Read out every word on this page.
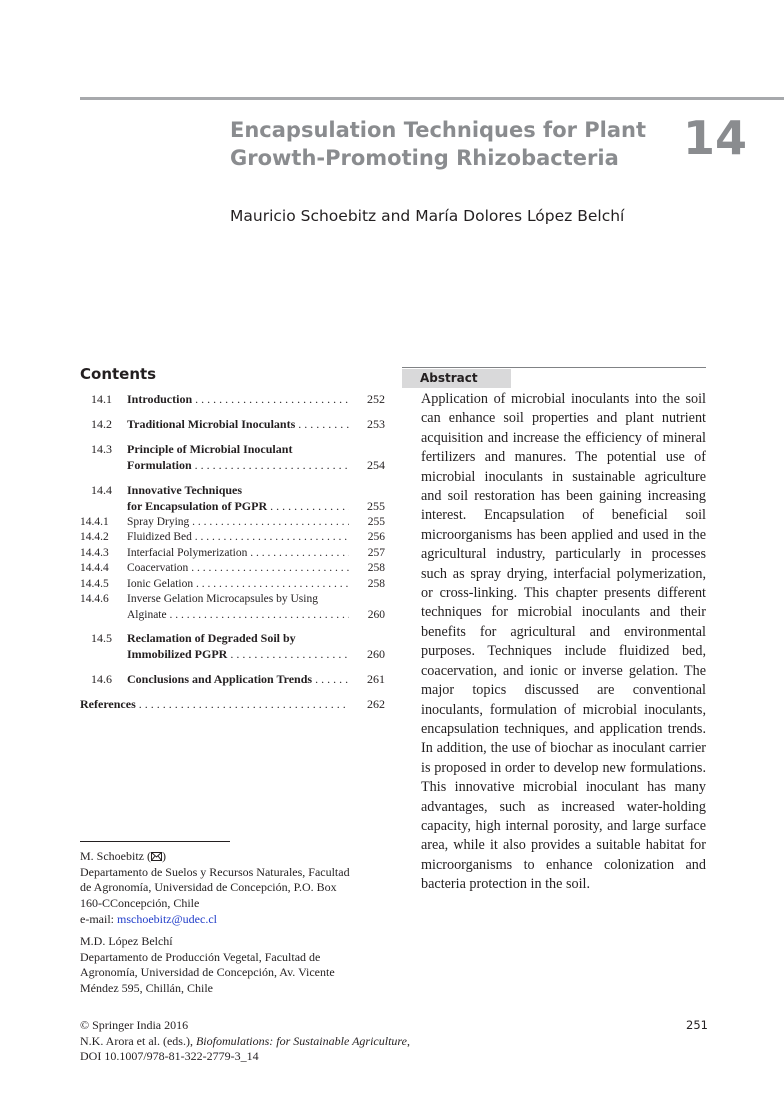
Encapsulation Techniques for Plant
Growth-Promoting Rhizobacteria	14
Mauricio Schoebitz and María Dolores López Belchí
Contents
14.1	Introduction . . .	252
14.2	Traditional Microbial Inoculants . . .	253
14.3	Principle of Microbial Inoculant
Formulation . . .	254
14.4	Innovative Techniques
for Encapsulation of PGPR . . .	255
14.4.1	Spray Drying . . .	255
14.4.2	Fluidized Bed . . .	256
14.4.3	Interfacial Polymerization . . .	257
14.4.4	Coacervation . . .	258
14.4.5	Ionic Gelation . . .	258
14.4.6	Inverse Gelation Microcapsules by Using
Alginate . . .	260
14.5	Reclamation of Degraded Soil by
Immobilized PGPR . . .	260
14.6	Conclusions and Application Trends . . .	261
References . . .	262
Abstract
Application of microbial inoculants into the soil can enhance soil properties and plant nutrient acquisition and increase the efficiency of mineral fertilizers and manures. The potential use of microbial inoculants in sustainable agriculture and soil restoration has been gaining increasing interest. Encapsulation of beneficial soil microorganisms has been applied and used in the agricultural industry, particularly in processes such as spray drying, interfacial polymerization, or cross-linking. This chapter presents different techniques for microbial inoculants and their benefits for agricultural and environmental purposes. Techniques include fluidized bed, coacervation, and ionic or inverse gelation. The major topics discussed are conventional inoculants, formulation of microbial inoculants, encapsulation techniques, and application trends. In addition, the use of biochar as inoculant carrier is proposed in order to develop new formulations. This innovative microbial inoculant has many advantages, such as increased water-holding capacity, high internal porosity, and large surface area, while it also provides a suitable habitat for microorganisms to enhance colonization and bacteria protection in the soil.
M. Schoebitz ( )
Departamento de Suelos y Recursos Naturales, Facultad
de Agronomía, Universidad de Concepción, P.O. Box
160-CConcepción, Chile
e-mail: mschoebitz@udec.cl
M.D. López Belchí
Departamento de Producción Vegetal, Facultad de
Agronomía, Universidad de Concepción, Av. Vicente
Méndez 595, Chillán, Chile
© Springer India 2016
N.K. Arora et al. (eds.), Biofomulations: for Sustainable Agriculture,
DOI 10.1007/978-81-322-2779-3_14
251
